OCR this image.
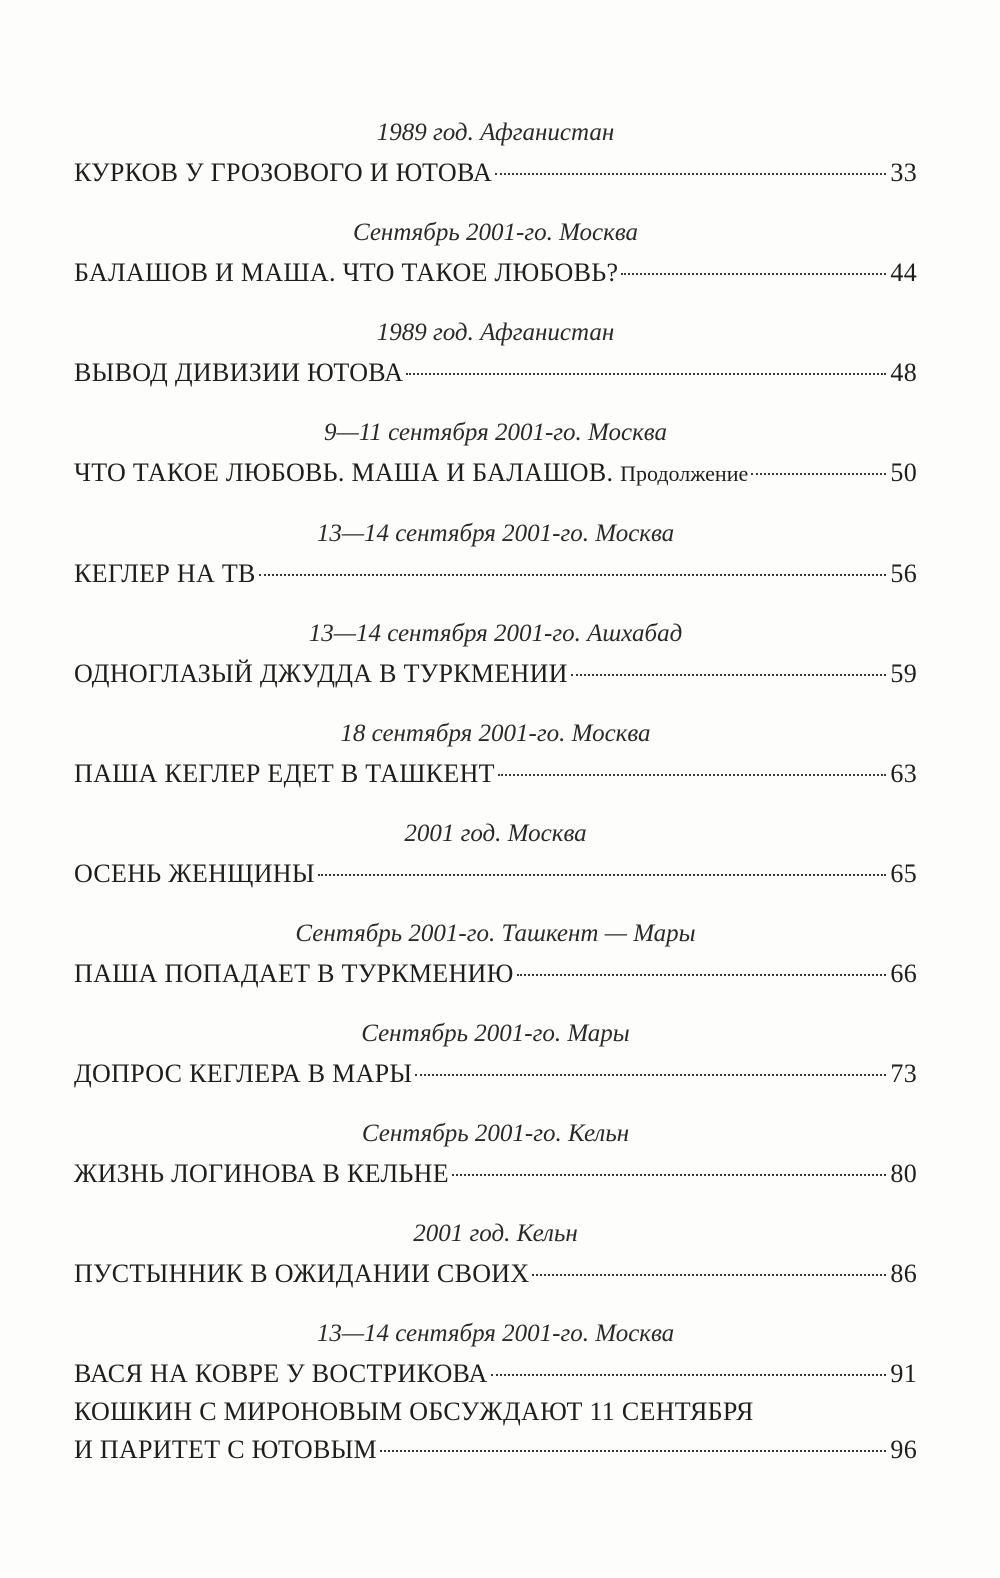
1989 год. Афганистан
КУРКОВ У ГРОЗОВОГО И ЮТОВА	33
Сентябрь 2001-го. Москва
БАЛАШОВ И МАША. ЧТО ТАКОЕ ЛЮБОВЬ?	44
1989 год. Афганистан
ВЫВОД ДИВИЗИИ ЮТОВА	48
9—11 сентября 2001-го. Москва
ЧТО ТАКОЕ ЛЮБОВЬ. МАША И БАЛАШОВ. Продолжение	50
13—14 сентября 2001-го. Москва
КЕГЛЕР НА ТВ	56
13—14 сентября 2001-го. Ашхабад
ОДНОГЛАЗЫЙ ДЖУДДА В ТУРКМЕНИИ	59
18 сентября 2001-го. Москва
ПАША КЕГЛЕР ЕДЕТ В ТАШКЕНТ	63
2001 год. Москва
ОСЕНЬ ЖЕНЩИНЫ	65
Сентябрь 2001-го. Ташкент — Мары
ПАША ПОПАДАЕТ В ТУРКМЕНИЮ	66
Сентябрь 2001-го. Мары
ДОПРОС КЕГЛЕРА В МАРЫ	73
Сентябрь 2001-го. Кельн
ЖИЗНЬ ЛОГИНОВА В КЕЛЬНЕ	80
2001 год. Кельн
ПУСТЫННИК В ОЖИДАНИИ СВОИХ	86
13—14 сентября 2001-го. Москва
ВАСЯ НА КОВРЕ У ВОСТРИКОВА	91
КОШКИН С МИРОНОВЫМ ОБСУЖДАЮТ 11 СЕНТЯБРЯ
И ПАРИТЕТ С ЮТОВЫМ	96
